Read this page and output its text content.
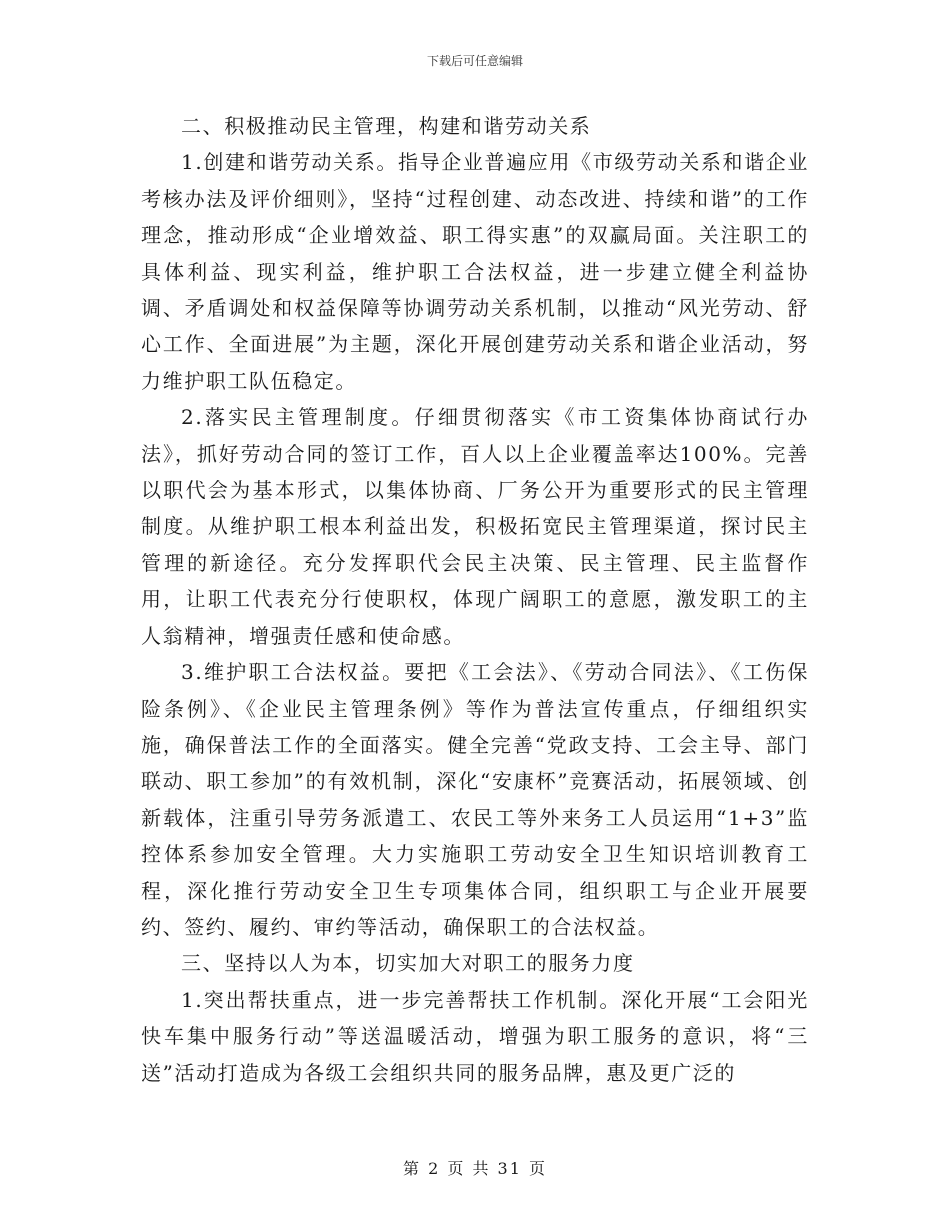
下载后可任意编辑

二、积极推动民主管理，构建和谐劳动关系

1.创建和谐劳动关系。指导企业普遍应用《市级劳动关系和谐企业考核办法及评价细则》，坚持“过程创建、动态改进、持续和谐”的工作理念，推动形成“企业增效益、职工得实惠”的双赢局面。关注职工的具体利益、现实利益，维护职工合法权益，进一步建立健全利益协调、矛盾调处和权益保障等协调劳动关系机制，以推动“风光劳动、舒心工作、全面进展”为主题，深化开展创建劳动关系和谐企业活动，努力维护职工队伍稳定。

2.落实民主管理制度。仔细贯彻落实《市工资集体协商试行办法》，抓好劳动合同的签订工作，百人以上企业覆盖率达100%。完善以职代会为基本形式，以集体协商、厂务公开为重要形式的民主管理制度。从维护职工根本利益出发，积极拓宽民主管理渠道，探讨民主管理的新途径。充分发挥职代会民主决策、民主管理、民主监督作用，让职工代表充分行使职权，体现广阔职工的意愿，激发职工的主人翁精神，增强责任感和使命感。

3.维护职工合法权益。要把《工会法》、《劳动合同法》、《工伤保险条例》、《企业民主管理条例》等作为普法宣传重点，仔细组织实施，确保普法工作的全面落实。健全完善“党政支持、工会主导、部门联动、职工参加”的有效机制，深化“安康杯”竞赛活动，拓展领域、创新载体，注重引导劳务派遣工、农民工等外来务工人员运用“1+3”监控体系参加安全管理。大力实施职工劳动安全卫生知识培训教育工程，深化推行劳动安全卫生专项集体合同，组织职工与企业开展要约、签约、履约、审约等活动，确保职工的合法权益。

三、坚持以人为本，切实加大对职工的服务力度

1.突出帮扶重点，进一步完善帮扶工作机制。深化开展“工会阳光快车集中服务行动”等送温暖活动，增强为职工服务的意识，将“三送”活动打造成为各级工会组织共同的服务品牌，惠及更广泛的

第 2 页 共 31 页
